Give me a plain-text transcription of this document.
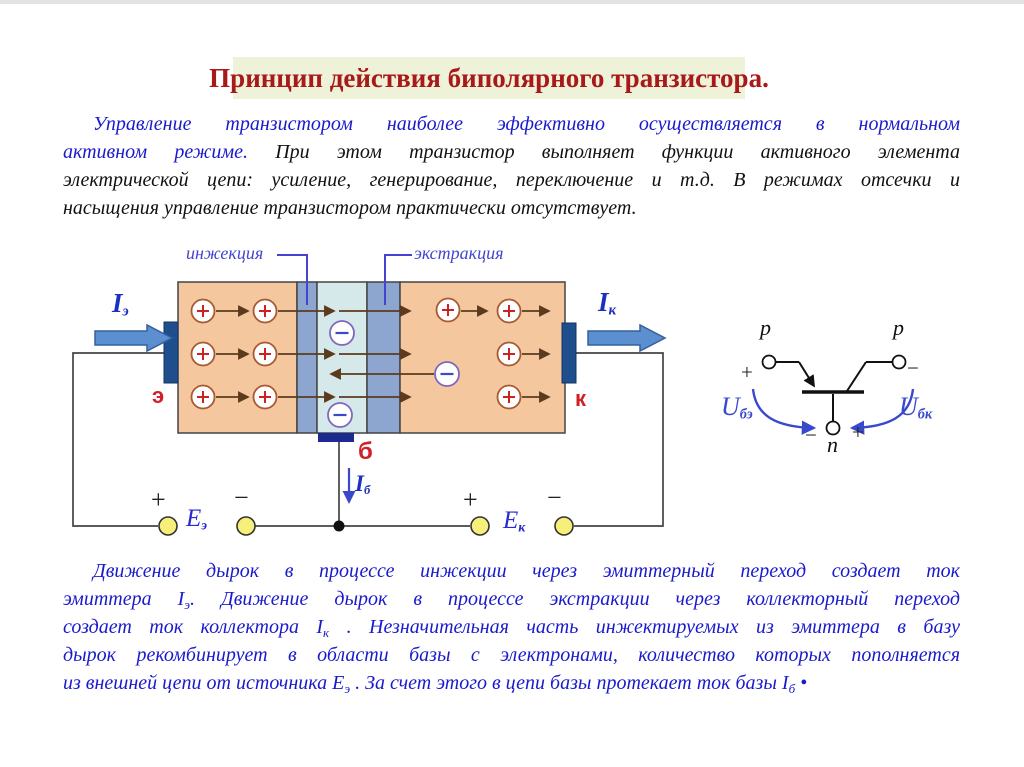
Принцип действия биполярного транзистора.
Управление транзистором наиболее эффективно осуществляется в нормальном
активном режиме. При этом транзистор выполняет функции активного элемента
электрической цепи: усиление, генерирование, переключение и т.д. В режимах отсечки и
насыщения управление транзистором практически отсутствует.
Движение дырок в процессе инжекции через эмиттерный переход создает ток
эмиттера $I_э$. Движение дырок в процессе экстракции через коллекторный переход
создает ток коллектора $I_к$ . Незначительная часть инжектируемых из эмиттера в базу
дырок рекомбинирует в области базы с электронами, количество которых пополняется
из внешней цепи от источника $E_э$ . За счет этого в цепи базы протекает ток базы $I_б$ •
инжекция	экстракция
Iэ	Iк
Iб
э	к
б
+	−	+	−
Eэ	Eк
p	p
n
+	−
− +
Uбэ	Uбк
